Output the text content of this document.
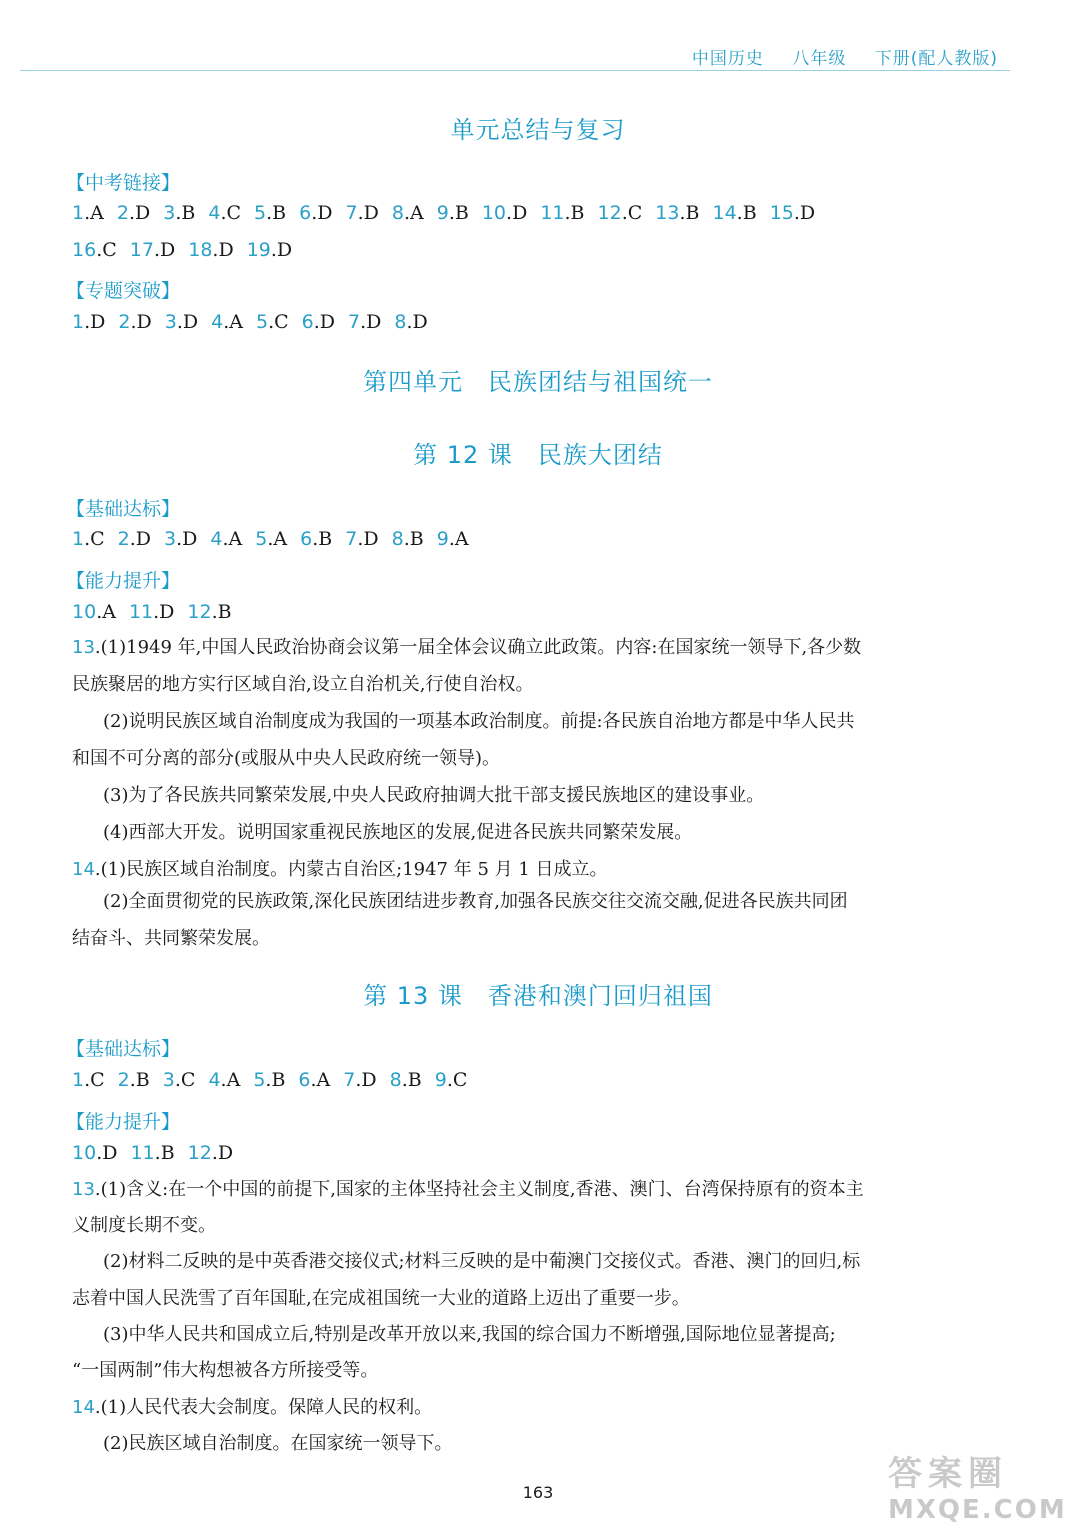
中国历史 八年级 下册(配人教版)
单元总结与复习
【中考链接】
1.A 2.D 3.B 4.C 5.B 6.D 7.D 8.A 9.B 10.D 11.B 12.C 13.B 14.B 15.D
16.C 17.D 18.D 19.D
【专题突破】
1.D 2.D 3.D 4.A 5.C 6.D 7.D 8.D
第四单元　民族团结与祖国统一
第 12 课　民族大团结
【基础达标】
1.C 2.D 3.D 4.A 5.A 6.B 7.D 8.B 9.A
【能力提升】
10.A 11.D 12.B
13.(1)1949 年,中国人民政治协商会议第一届全体会议确立此政策。内容:在国家统一领导下,各少数
民族聚居的地方实行区域自治,设立自治机关,行使自治权。
(2)说明民族区域自治制度成为我国的一项基本政治制度。前提:各民族自治地方都是中华人民共
和国不可分离的部分(或服从中央人民政府统一领导)。
(3)为了各民族共同繁荣发展,中央人民政府抽调大批干部支援民族地区的建设事业。
(4)西部大开发。说明国家重视民族地区的发展,促进各民族共同繁荣发展。
14.(1)民族区域自治制度。内蒙古自治区;1947 年 5 月 1 日成立。
(2)全面贯彻党的民族政策,深化民族团结进步教育,加强各民族交往交流交融,促进各民族共同团
结奋斗、共同繁荣发展。
第 13 课　香港和澳门回归祖国
【基础达标】
1.C 2.B 3.C 4.A 5.B 6.A 7.D 8.B 9.C
【能力提升】
10.D 11.B 12.D
13.(1)含义:在一个中国的前提下,国家的主体坚持社会主义制度,香港、澳门、台湾保持原有的资本主
义制度长期不变。
(2)材料二反映的是中英香港交接仪式;材料三反映的是中葡澳门交接仪式。香港、澳门的回归,标
志着中国人民洗雪了百年国耻,在完成祖国统一大业的道路上迈出了重要一步。
(3)中华人民共和国成立后,特别是改革开放以来,我国的综合国力不断增强,国际地位显著提高;
“一国两制”伟大构想被各方所接受等。
14.(1)人民代表大会制度。保障人民的权利。
(2)民族区域自治制度。在国家统一领导下。
163	答案圈
MXQE.COM
